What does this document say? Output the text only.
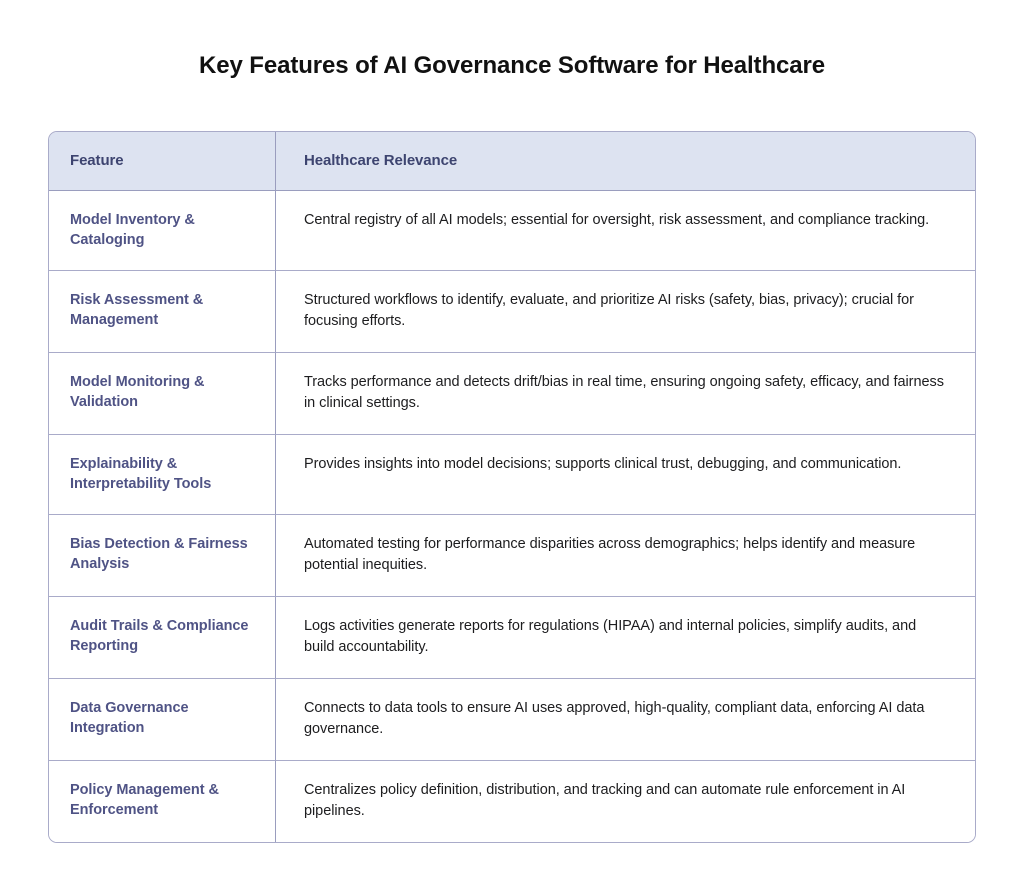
Key Features of AI Governance Software for Healthcare
Feature	Healthcare Relevance
Model Inventory & Cataloging	Central registry of all AI models; essential for oversight, risk assessment, and compliance tracking.
Risk Assessment & Management	Structured workflows to identify, evaluate, and prioritize AI risks (safety, bias, privacy); crucial for focusing efforts.
Model Monitoring & Validation	Tracks performance and detects drift/bias in real time, ensuring ongoing safety, efficacy, and fairness in clinical settings.
Explainability & Interpretability Tools	Provides insights into model decisions; supports clinical trust, debugging, and communication.
Bias Detection & Fairness Analysis	Automated testing for performance disparities across demographics; helps identify and measure potential inequities.
Audit Trails & Compliance Reporting	Logs activities generate reports for regulations (HIPAA) and internal policies, simplify audits, and build accountability.
Data Governance Integration	Connects to data tools to ensure AI uses approved, high-quality, compliant data, enforcing AI data governance.
Policy Management & Enforcement	Centralizes policy definition, distribution, and tracking and can automate rule enforcement in AI pipelines.
